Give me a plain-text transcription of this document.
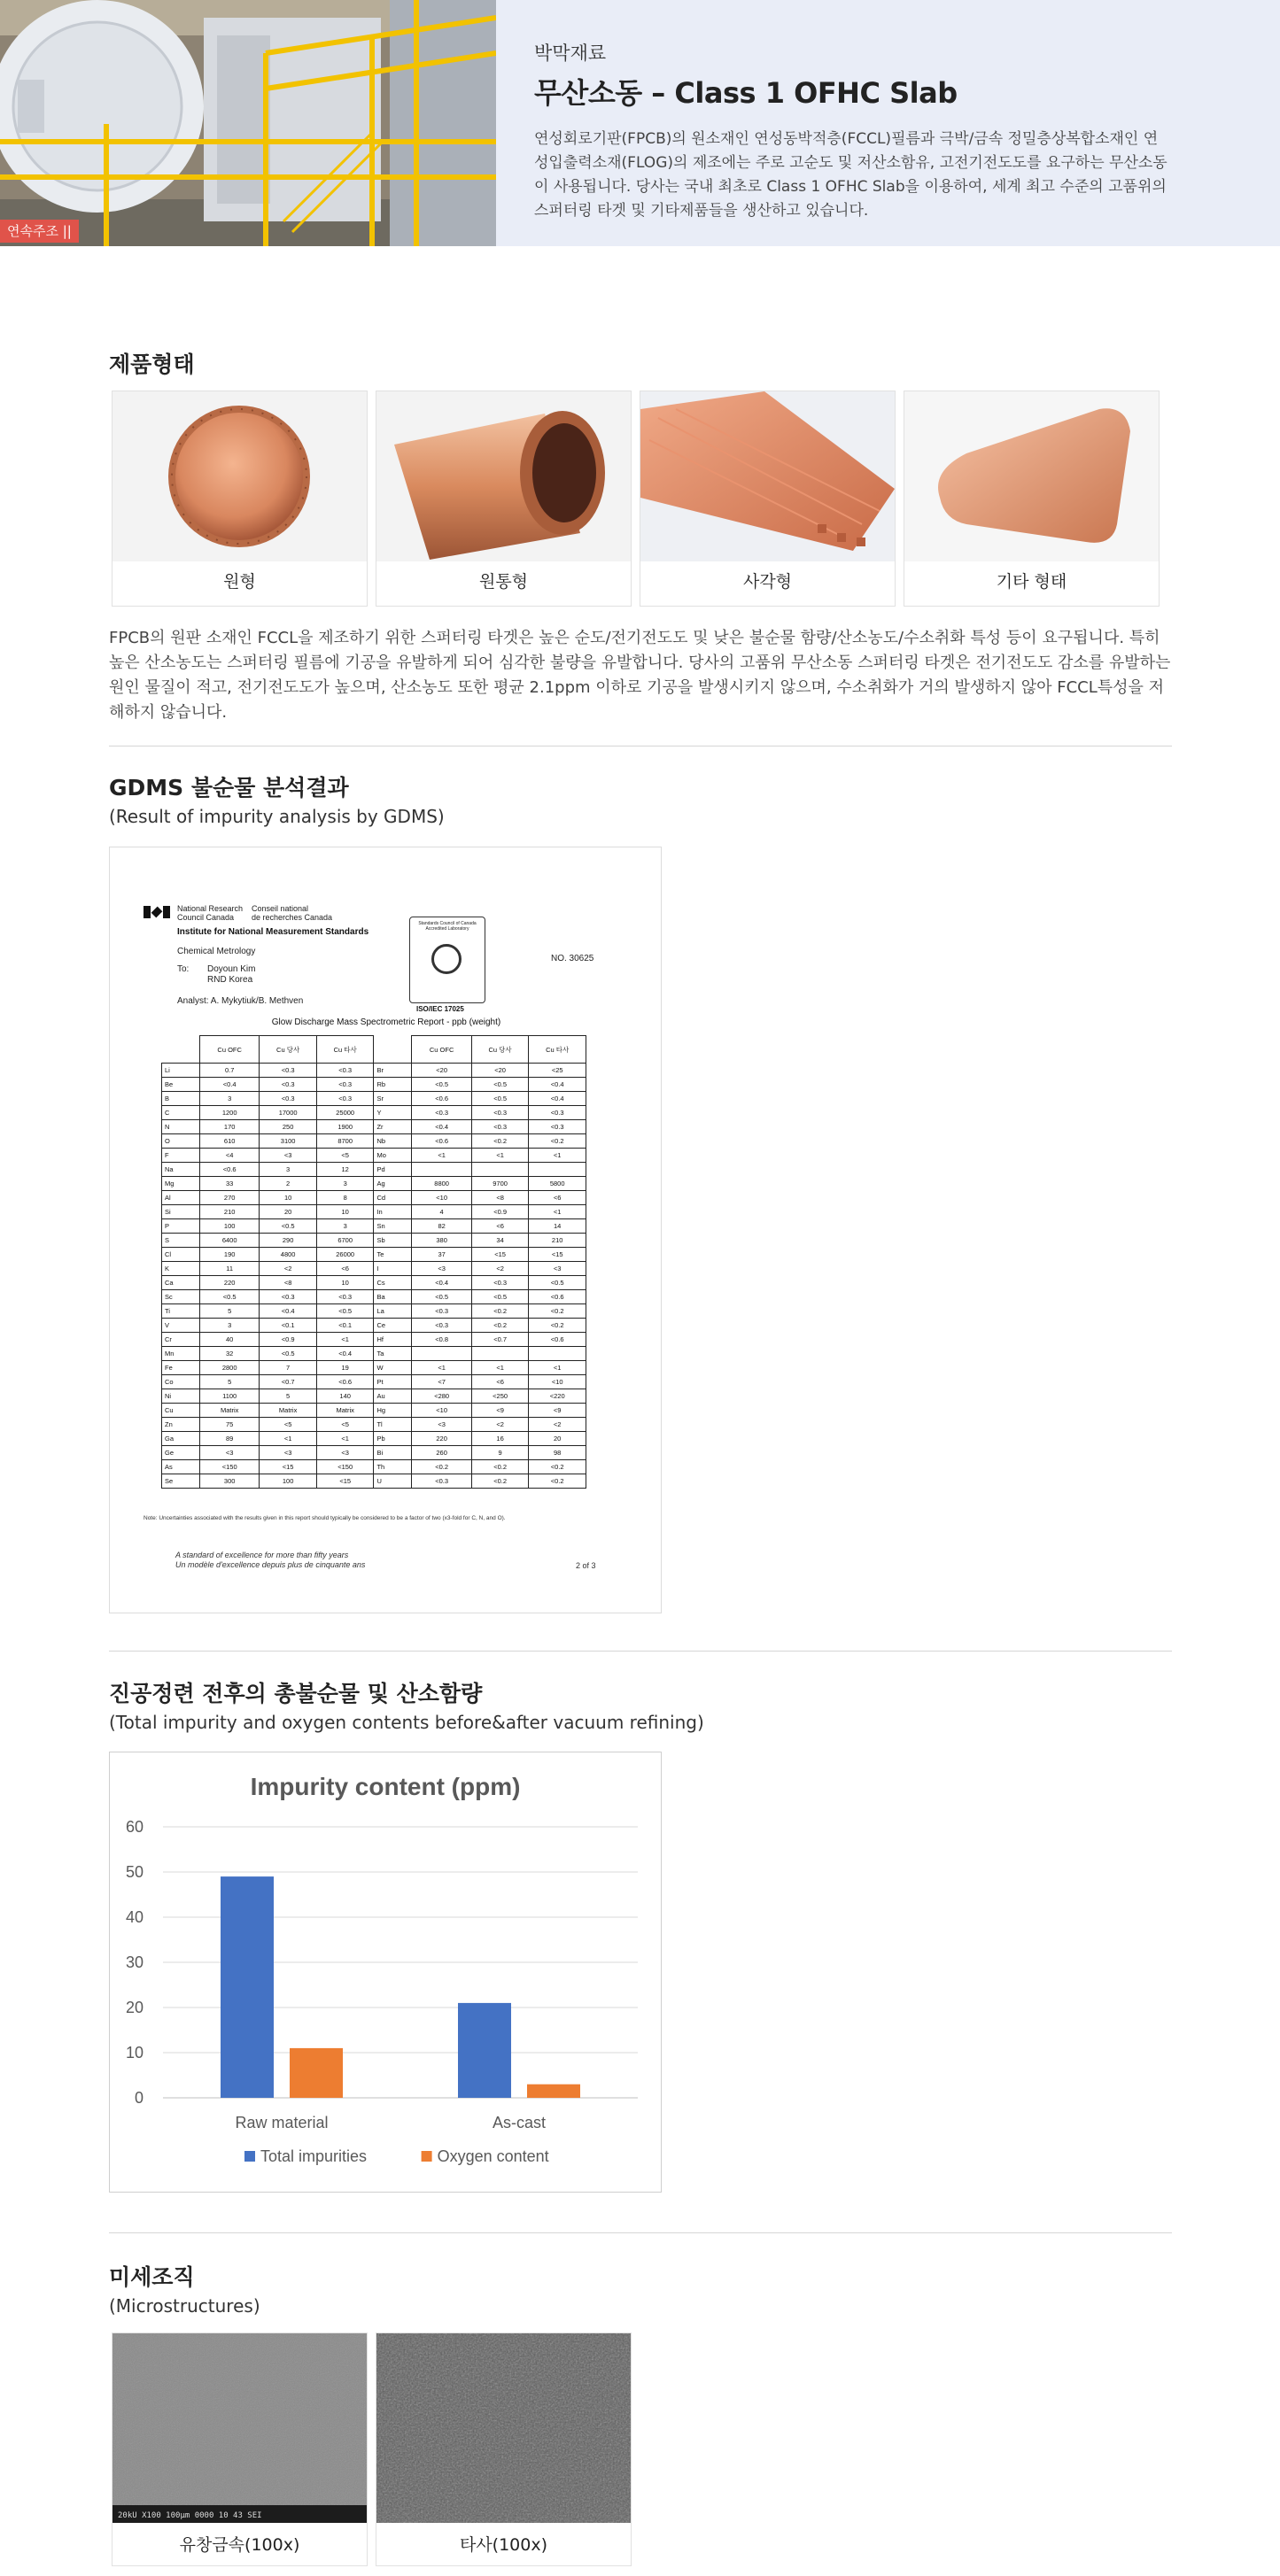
연속주조 ||

박막재료

무산소동 – Class 1 OFHC Slab

연성회로기판(FPCB)의 원소재인 연성동박적층(FCCL)필름과 극박/금속 정밀층상복합소재인 연성입출력소재(FLOG)의 제조에는 주로 고순도 및 저산소함유, 고전기전도도를 요구하는 무산소동이 사용됩니다. 당사는 국내 최초로 Class 1 OFHC Slab을 이용하여, 세계 최고 수준의 고품위의 스퍼터링 타겟 및 기타제품들을 생산하고 있습니다.

제품형태
원형	원통형	사각형	기타 형태

FPCB의 원판 소재인 FCCL을 제조하기 위한 스퍼터링 타겟은 높은 순도/전기전도도 및 낮은 불순물 함량/산소농도/수소취화 특성 등이 요구됩니다. 특히 높은 산소농도는 스퍼터링 필름에 기공을 유발하게 되어 심각한 불량을 유발합니다. 당사의 고품위 무산소동 스퍼터링 타겟은 전기전도도 감소를 유발하는 원인 물질이 적고, 전기전도도가 높으며, 산소농도 또한 평균 2.1ppm 이하로 기공을 발생시키지 않으며, 수소취화가 거의 발생하지 않아 FCCL특성을 저해하지 않습니다.

GDMS 불순물 분석결과

(Result of impurity analysis by GDMS)

National Research
Council Canada
Conseil national
de recherches Canada
Institute for National Measurement Standards
Chemical Metrology
To: Doyoun Kim
RND Korea
Analyst: A. Mykytiuk/B. Methven
NO. 30625
Standards Council of Canada Accredited Laboratory
ISO/IEC 17025
Glow Discharge Mass Spectrometric Report - ppb (weight)
	Cu OFC	Cu 당사	Cu 타사		Cu OFC	Cu 당사	Cu 타사
Li	0.7	<0.3	<0.3	Br	<20	<20	<25
Be	<0.4	<0.3	<0.3	Rb	<0.5	<0.5	<0.4
B	3	<0.3	<0.3	Sr	<0.6	<0.5	<0.4
C	1200	17000	25000	Y	<0.3	<0.3	<0.3
N	170	250	1900	Zr	<0.4	<0.3	<0.3
O	610	3100	8700	Nb	<0.6	<0.2	<0.2
F	<4	<3	<5	Mo	<1	<1	<1
Na	<0.6	3	12	Pd			
Mg	33	2	3	Ag	8800	9700	5800
Al	270	10	8	Cd	<10	<8	<6
Si	210	20	10	In	4	<0.9	<1
P	100	<0.5	3	Sn	82	<6	14
S	6400	290	6700	Sb	380	34	210
Cl	190	4800	26000	Te	37	<15	<15
K	11	<2	<6	I	<3	<2	<3
Ca	220	<8	10	Cs	<0.4	<0.3	<0.5
Sc	<0.5	<0.3	<0.3	Ba	<0.5	<0.5	<0.6
Ti	5	<0.4	<0.5	La	<0.3	<0.2	<0.2
V	3	<0.1	<0.1	Ce	<0.3	<0.2	<0.2
Cr	40	<0.9	<1	Hf	<0.8	<0.7	<0.6
Mn	32	<0.5	<0.4	Ta			
Fe	2800	7	19	W	<1	<1	<1
Co	5	<0.7	<0.6	Pt	<7	<6	<10
Ni	1100	5	140	Au	<280	<250	<220
Cu	Matrix	Matrix	Matrix	Hg	<10	<9	<9
Zn	75	<5	<5	Tl	<3	<2	<2
Ga	89	<1	<1	Pb	220	16	20
Ge	<3	<3	<3	Bi	260	9	98
As	<150	<15	<150	Th	<0.2	<0.2	<0.2
Se	300	100	<15	U	<0.3	<0.2	<0.2
Note: Uncertainties associated with the results given in this report should typically be considered to be a factor of two (x3-fold for C, N, and O).
A standard of excellence for more than fifty years
Un modèle d'excellence depuis plus de cinquante ans	2 of 3
진공정련 전후의 총불순물 및 산소함량

(Total impurity and oxygen contents before&after vacuum refining)

Impurity content (ppm)
0
10
20
30
40
50
60
Raw material	As-cast
Total impurities	Oxygen content
미세조직

(Microstructures)

20kU X100 100µm 0000 10 43 SEI
유창금속(100x)	타사(100x)
